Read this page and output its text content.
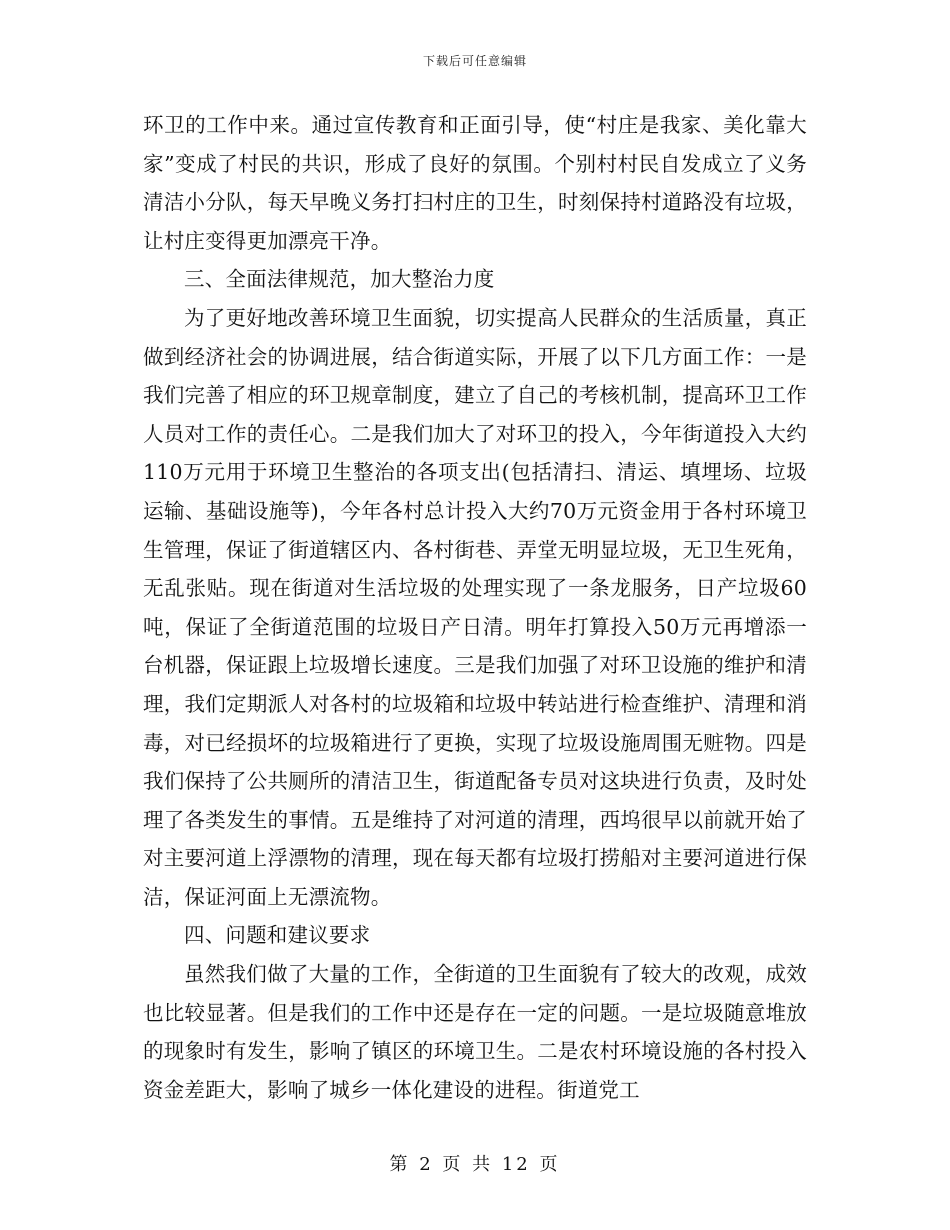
下载后可任意编辑

环卫的工作中来。通过宣传教育和正面引导，使“村庄是我家、美化靠大家”变成了村民的共识，形成了良好的氛围。个别村村民自发成立了义务清洁小分队，每天早晚义务打扫村庄的卫生，时刻保持村道路没有垃圾，让村庄变得更加漂亮干净。

三、全面法律规范，加大整治力度

为了更好地改善环境卫生面貌，切实提高人民群众的生活质量，真正做到经济社会的协调进展，结合街道实际，开展了以下几方面工作：一是我们完善了相应的环卫规章制度，建立了自己的考核机制，提高环卫工作人员对工作的责任心。二是我们加大了对环卫的投入，今年街道投入大约110万元用于环境卫生整治的各项支出(包括清扫、清运、填埋场、垃圾运输、基础设施等)，今年各村总计投入大约70万元资金用于各村环境卫生管理，保证了街道辖区内、各村街巷、弄堂无明显垃圾，无卫生死角，无乱张贴。现在街道对生活垃圾的处理实现了一条龙服务，日产垃圾60吨，保证了全街道范围的垃圾日产日清。明年打算投入50万元再增添一台机器，保证跟上垃圾增长速度。三是我们加强了对环卫设施的维护和清理，我们定期派人对各村的垃圾箱和垃圾中转站进行检查维护、清理和消毒，对已经损坏的垃圾箱进行了更换，实现了垃圾设施周围无赃物。四是我们保持了公共厕所的清洁卫生，街道配备专员对这块进行负责，及时处理了各类发生的事情。五是维持了对河道的清理，西坞很早以前就开始了对主要河道上浮漂物的清理，现在每天都有垃圾打捞船对主要河道进行保洁，保证河面上无漂流物。

四、问题和建议要求

虽然我们做了大量的工作，全街道的卫生面貌有了较大的改观，成效也比较显著。但是我们的工作中还是存在一定的问题。一是垃圾随意堆放的现象时有发生，影响了镇区的环境卫生。二是农村环境设施的各村投入资金差距大，影响了城乡一体化建设的进程。街道党工

第 2 页 共 12 页
